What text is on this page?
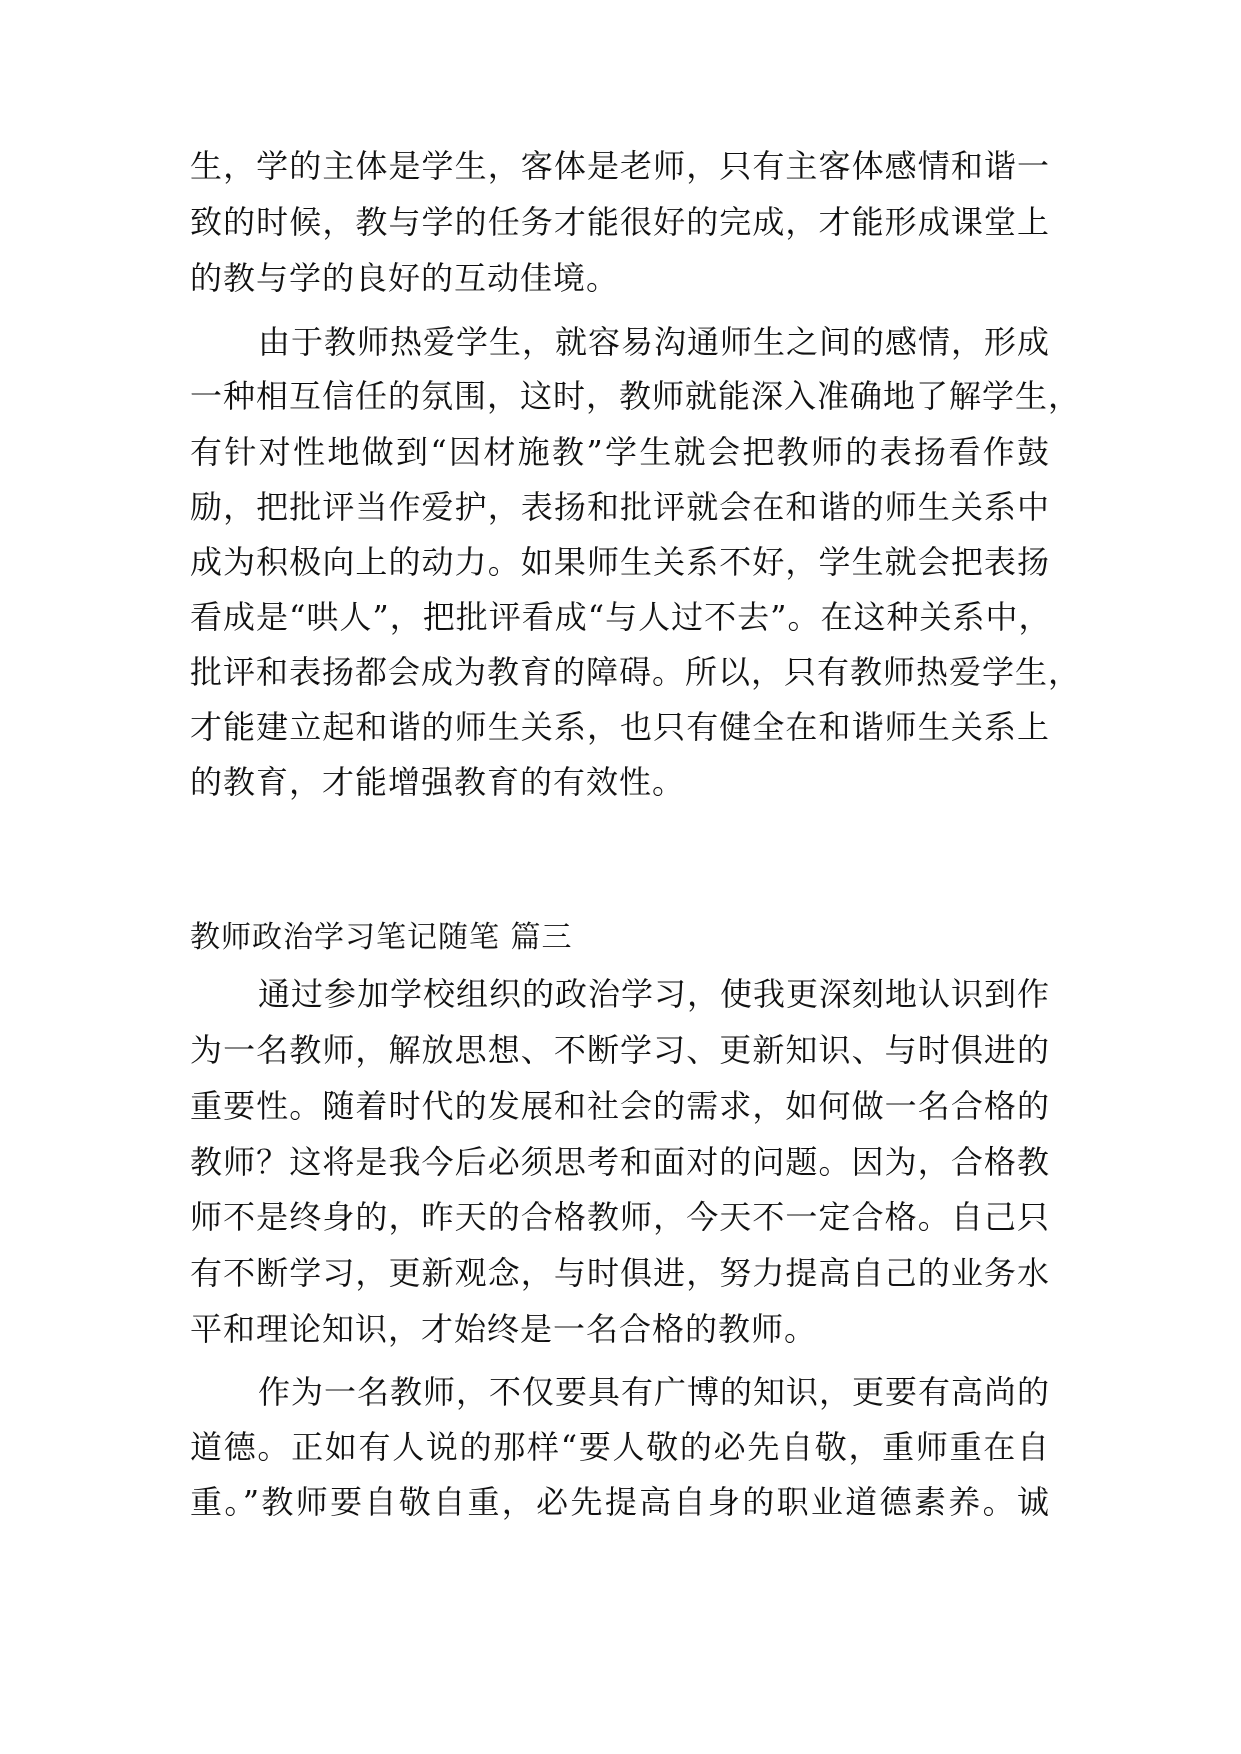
生，学的主体是学生，客体是老师，只有主客体感情和谐一
致的时候，教与学的任务才能很好的完成，才能形成课堂上
的教与学的良好的互动佳境。
由于教师热爱学生，就容易沟通师生之间的感情，形成
一种相互信任的氛围，这时，教师就能深入准确地了解学生，
有针对性地做到“因材施教”学生就会把教师的表扬看作鼓
励，把批评当作爱护，表扬和批评就会在和谐的师生关系中
成为积极向上的动力。如果师生关系不好，学生就会把表扬
看成是“哄人”，把批评看成“与人过不去”。在这种关系中，
批评和表扬都会成为教育的障碍。所以，只有教师热爱学生，
才能建立起和谐的师生关系，也只有健全在和谐师生关系上
的教育，才能增强教育的有效性。
教师政治学习笔记随笔 篇三
通过参加学校组织的政治学习，使我更深刻地认识到作
为一名教师，解放思想、不断学习、更新知识、与时俱进的
重要性。随着时代的发展和社会的需求，如何做一名合格的
教师？这将是我今后必须思考和面对的问题。因为，合格教
师不是终身的，昨天的合格教师，今天不一定合格。自己只
有不断学习，更新观念，与时俱进，努力提高自己的业务水
平和理论知识，才始终是一名合格的教师。
作为一名教师，不仅要具有广博的知识，更要有高尚的
道德。正如有人说的那样“要人敬的必先自敬，重师重在自
重。”教师要自敬自重，必先提高自身的职业道德素养。诚
